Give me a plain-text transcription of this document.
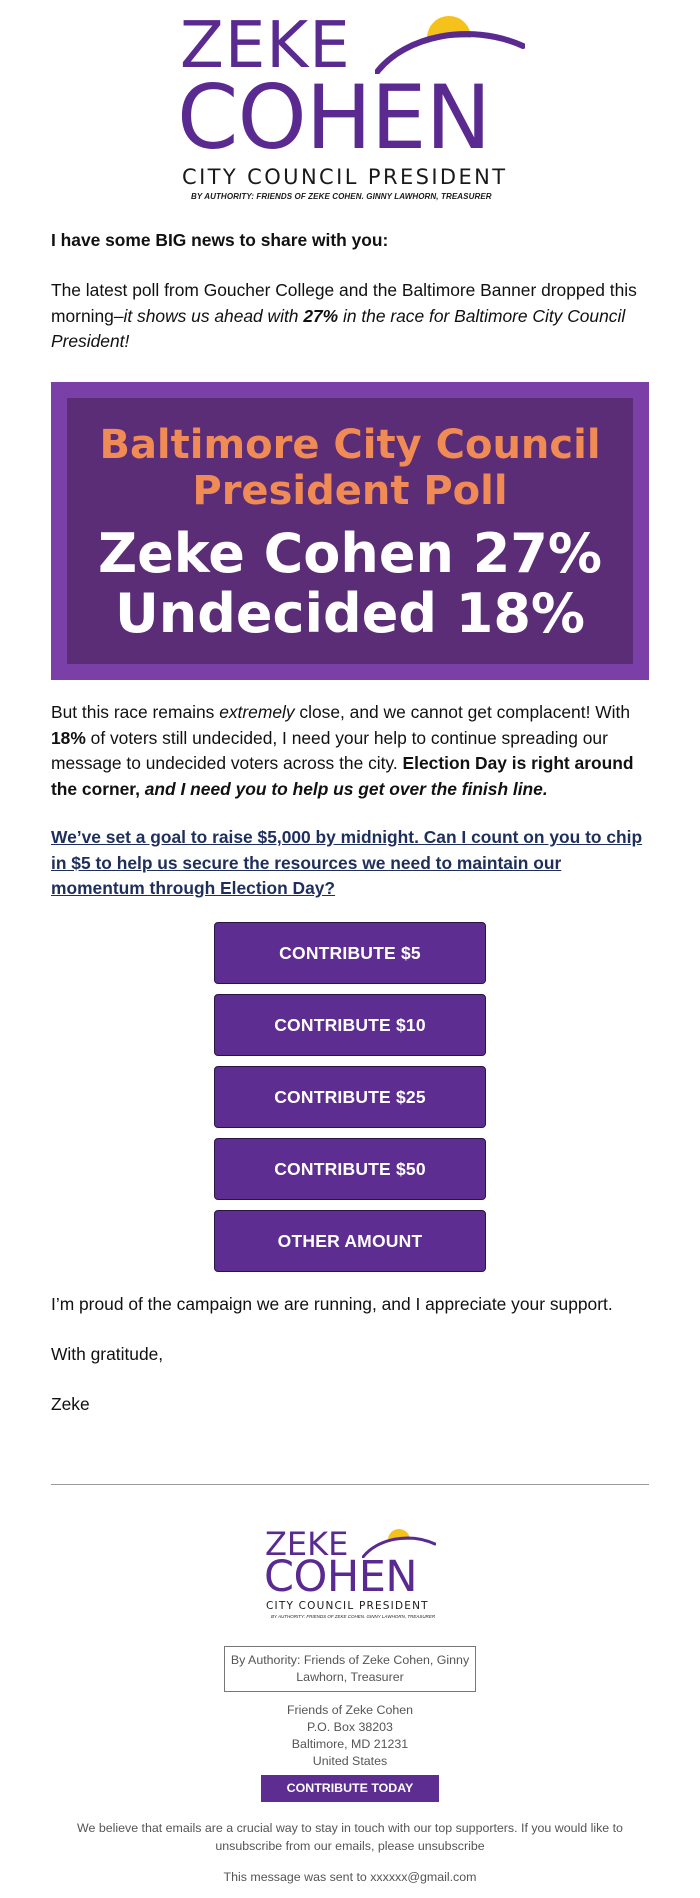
ZEKE
COHEN
CITY COUNCIL PRESIDENT
BY AUTHORITY: FRIENDS OF ZEKE COHEN. GINNY LAWHORN, TREASURER

I have some BIG news to share with you:

The latest poll from Goucher College and the Baltimore Banner dropped this morning–it shows us ahead with 27% in the race for Baltimore City Council President!

Baltimore City Council
President Poll
Zeke Cohen 27%
Undecided 18%

But this race remains extremely close, and we cannot get complacent! With 18% of voters still undecided, I need your help to continue spreading our message to undecided voters across the city. Election Day is right around the corner, and I need you to help us get over the finish line.

We’ve set a goal to raise $5,000 by midnight. Can I count on you to chip in $5 to help us secure the resources we need to maintain our momentum through Election Day?
CONTRIBUTE $5
CONTRIBUTE $10
CONTRIBUTE $25
CONTRIBUTE $50
OTHER AMOUNT

I’m proud of the campaign we are running, and I appreciate your support.

With gratitude,

Zeke

ZEKE
COHEN
CITY COUNCIL PRESIDENT
BY AUTHORITY: FRIENDS OF ZEKE COHEN. GINNY LAWHORN, TREASURER
By Authority: Friends of Zeke Cohen, Ginny Lawhorn, Treasurer
Friends of Zeke Cohen
P.O. Box 38203
Baltimore, MD 21231
United States
CONTRIBUTE TODAY
We believe that emails are a crucial way to stay in touch with our top supporters. If you would like to unsubscribe from our emails, please unsubscribe
This message was sent to xxxxxx@gmail.com
